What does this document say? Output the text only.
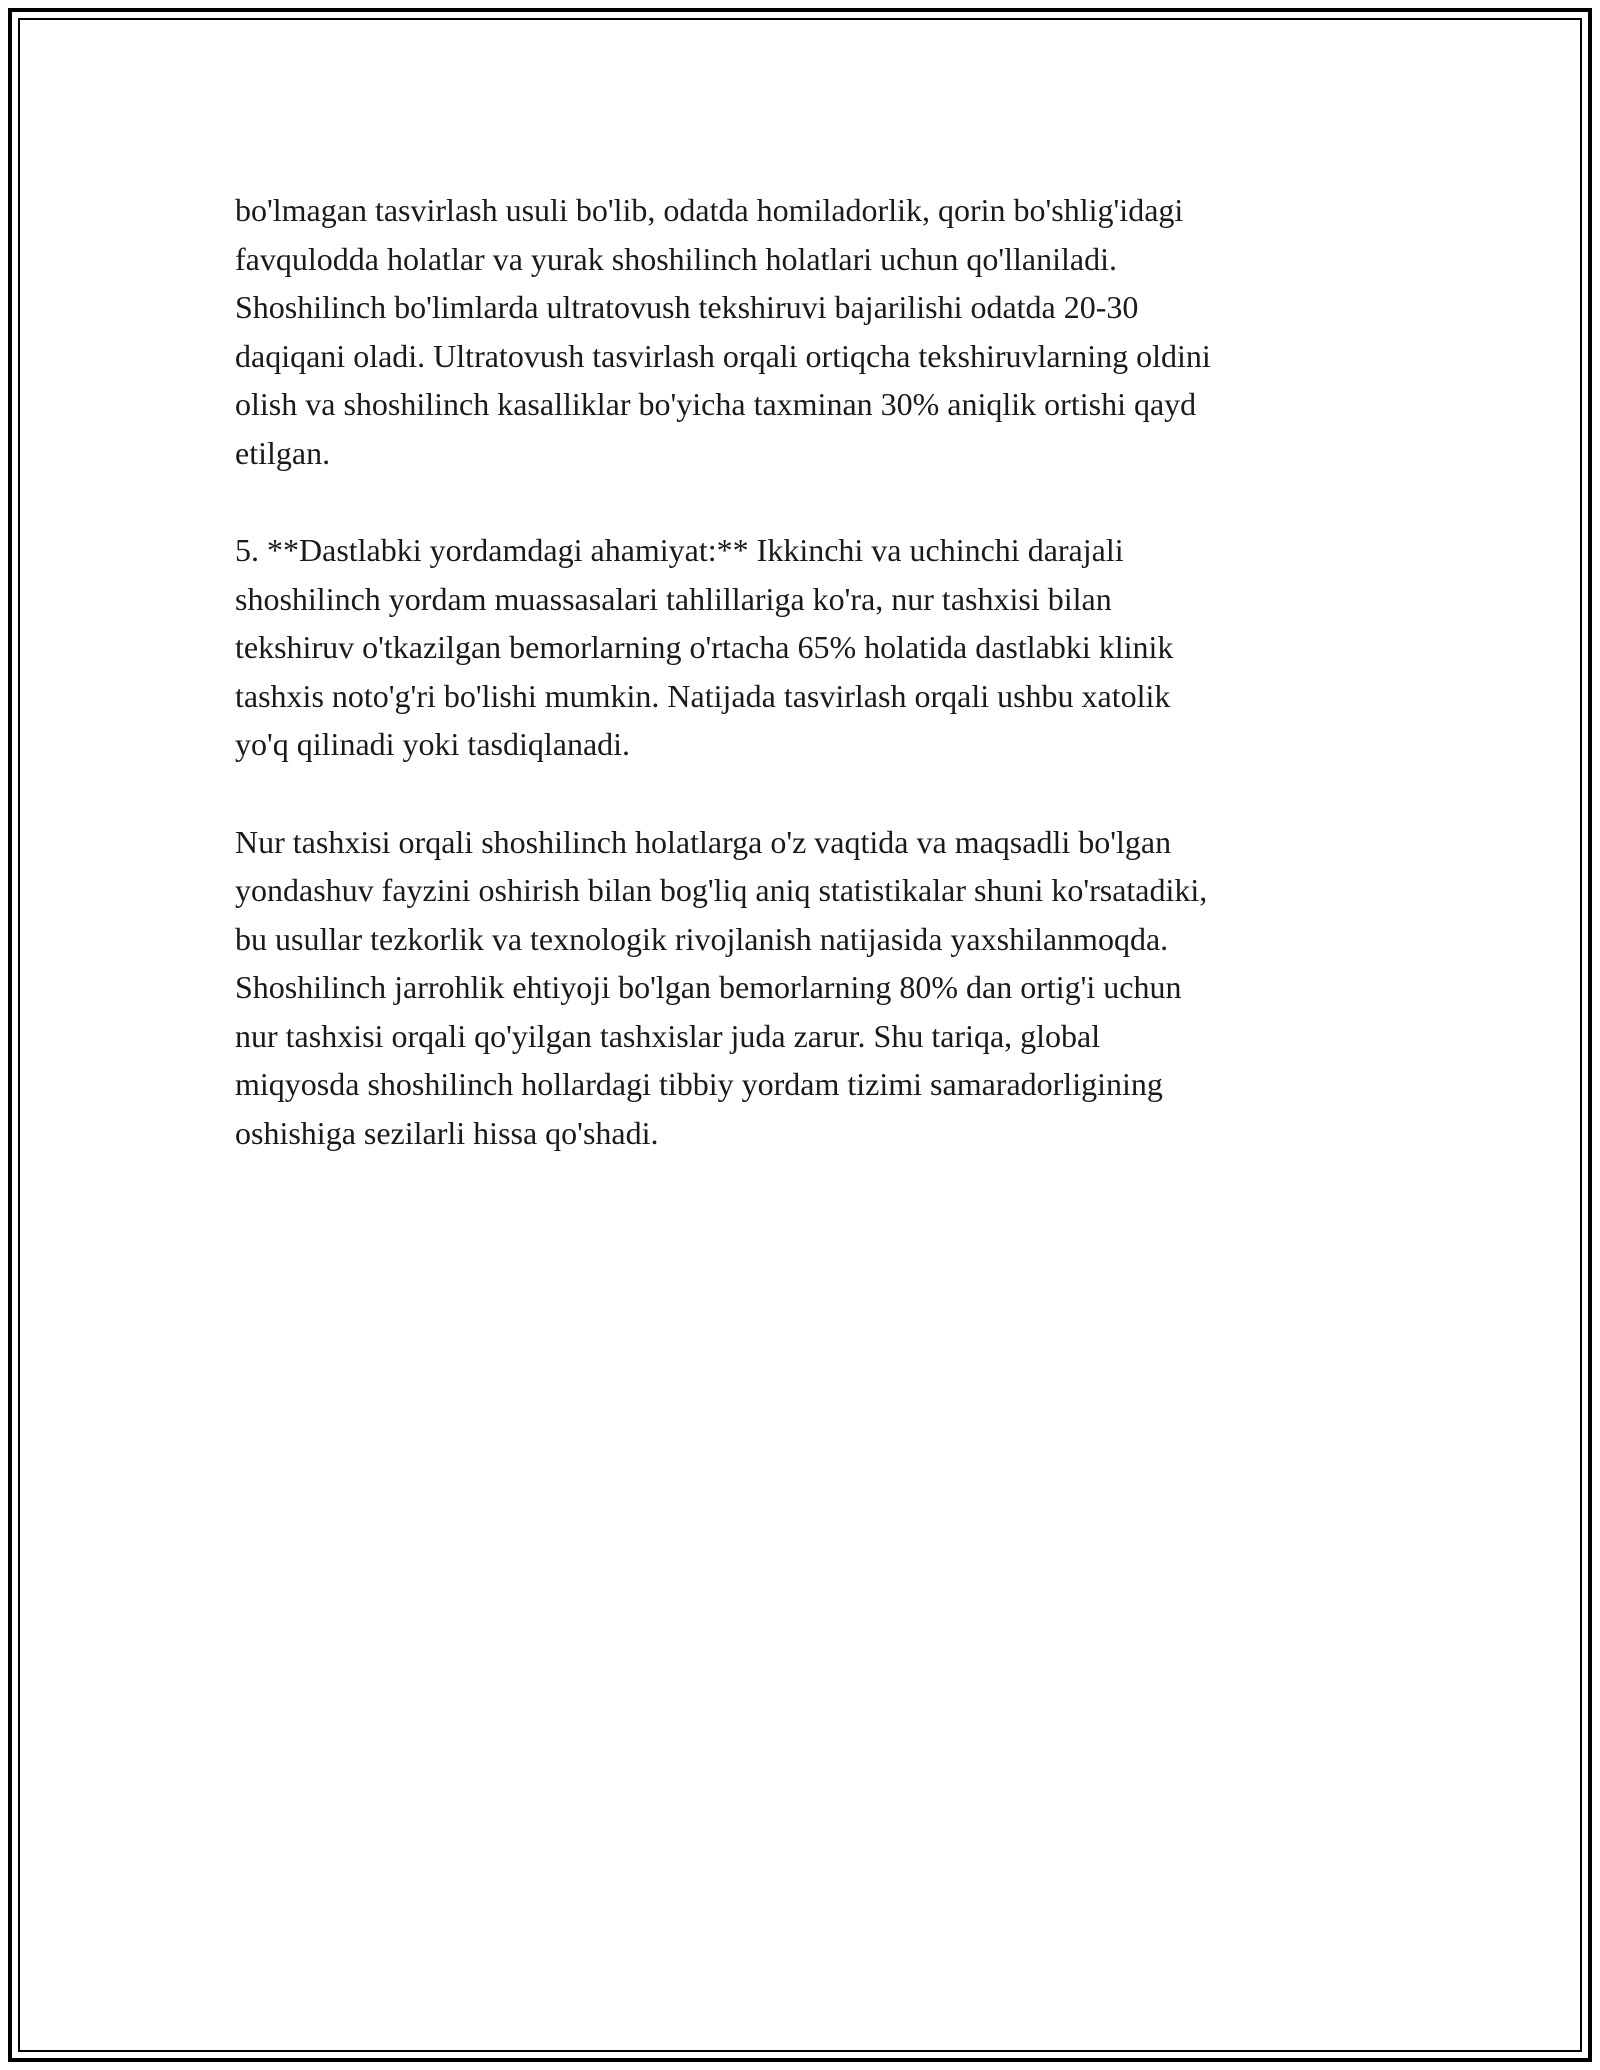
bo'lmagan tasvirlash usuli bo'lib, odatda homiladorlik, qorin bo'shlig'idagi
favqulodda holatlar va yurak shoshilinch holatlari uchun qo'llaniladi.
Shoshilinch bo'limlarda ultratovush tekshiruvi bajarilishi odatda 20-30
daqiqani oladi. Ultratovush tasvirlash orqali ortiqcha tekshiruvlarning oldini
olish va shoshilinch kasalliklar bo'yicha taxminan 30% aniqlik ortishi qayd
etilgan.

5. **Dastlabki yordamdagi ahamiyat:** Ikkinchi va uchinchi darajali
shoshilinch yordam muassasalari tahlillariga ko'ra, nur tashxisi bilan
tekshiruv o'tkazilgan bemorlarning o'rtacha 65% holatida dastlabki klinik
tashxis noto'g'ri bo'lishi mumkin. Natijada tasvirlash orqali ushbu xatolik
yo'q qilinadi yoki tasdiqlanadi.

Nur tashxisi orqali shoshilinch holatlarga o'z vaqtida va maqsadli bo'lgan
yondashuv fayzini oshirish bilan bog'liq aniq statistikalar shuni ko'rsatadiki,
bu usullar tezkorlik va texnologik rivojlanish natijasida yaxshilanmoqda.
Shoshilinch jarrohlik ehtiyoji bo'lgan bemorlarning 80% dan ortig'i uchun
nur tashxisi orqali qo'yilgan tashxislar juda zarur. Shu tariqa, global
miqyosda shoshilinch hollardagi tibbiy yordam tizimi samaradorligining
oshishiga sezilarli hissa qo'shadi.
